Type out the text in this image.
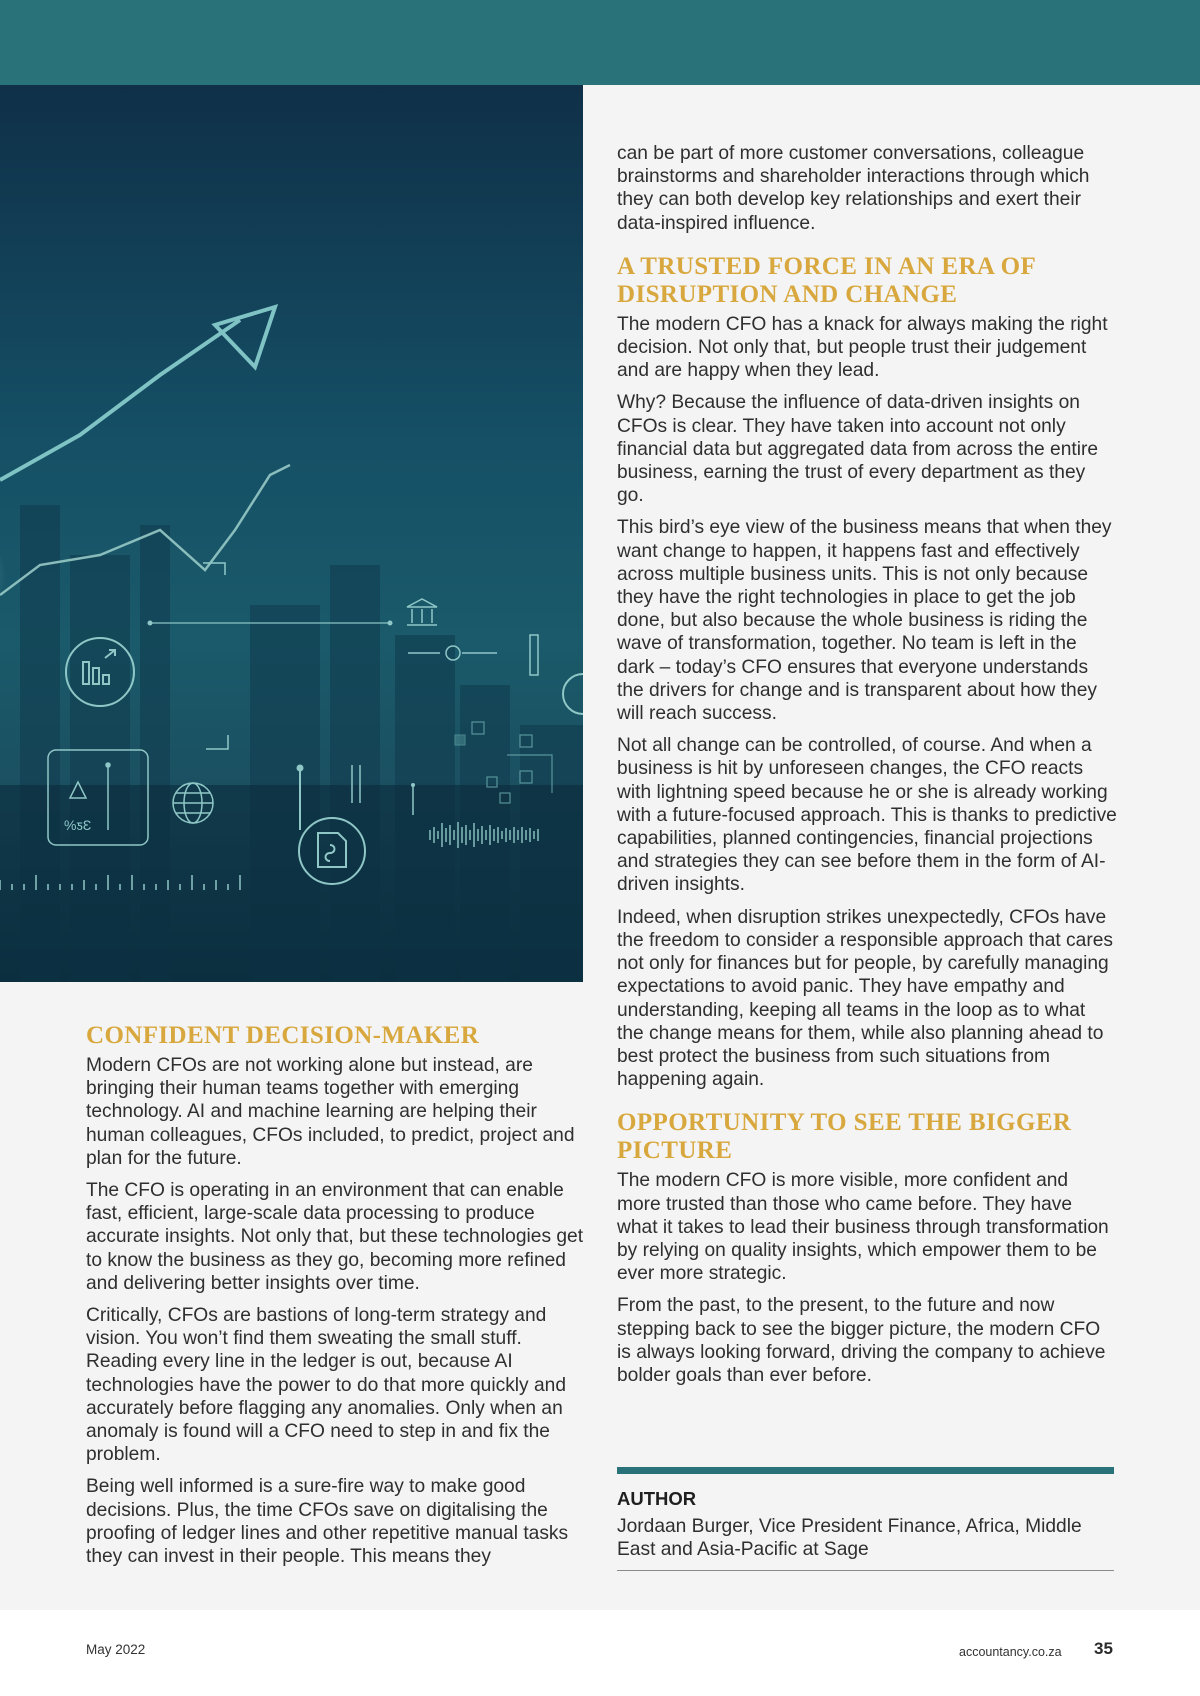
%ƽƐ
CONFIDENT DECISION-MAKER

Modern CFOs are not working alone but instead, are bringing their human teams together with emerging technology. AI and machine learning are helping their human colleagues, CFOs included, to predict, project and plan for the future.

The CFO is operating in an environment that can enable fast, efficient, large-scale data processing to produce accurate insights. Not only that, but these technologies get to know the business as they go, becoming more refined and delivering better insights over time.

Critically, CFOs are bastions of long-term strategy and vision. You won’t find them sweating the small stuff. Reading every line in the ledger is out, because AI technologies have the power to do that more quickly and accurately before flagging any anomalies. Only when an anomaly is found will a CFO need to step in and fix the problem.

Being well informed is a sure-fire way to make good decisions. Plus, the time CFOs save on digitalising the proofing of ledger lines and other repetitive manual tasks they can invest in their people. This means they

can be part of more customer conversations, colleague brainstorms and shareholder interactions through which they can both develop key relationships and exert their data-inspired influence.

A TRUSTED FORCE IN AN ERA OF DISRUPTION AND CHANGE

The modern CFO has a knack for always making the right decision. Not only that, but people trust their judgement and are happy when they lead.

Why? Because the influence of data-driven insights on CFOs is clear. They have taken into account not only financial data but aggregated data from across the entire business, earning the trust of every department as they go.

This bird’s eye view of the business means that when they want change to happen, it happens fast and effectively across multiple business units. This is not only because they have the right technologies in place to get the job done, but also because the whole business is riding the wave of transformation, together. No team is left in the dark – today’s CFO ensures that everyone understands the drivers for change and is transparent about how they will reach success.

Not all change can be controlled, of course. And when a business is hit by unforeseen changes, the CFO reacts with lightning speed because he or she is already working with a future-focused approach. This is thanks to predictive capabilities, planned contingencies, financial projections and strategies they can see before them in the form of AI-driven insights.

Indeed, when disruption strikes unexpectedly, CFOs have the freedom to consider a responsible approach that cares not only for finances but for people, by carefully managing expectations to avoid panic. They have empathy and understanding, keeping all teams in the loop as to what the change means for them, while also planning ahead to best protect the business from such situations from happening again.

OPPORTUNITY TO SEE THE BIGGER PICTURE

The modern CFO is more visible, more confident and more trusted than those who came before. They have what it takes to lead their business through transformation by relying on quality insights, which empower them to be ever more strategic.

From the past, to the present, to the future and now stepping back to see the bigger picture, the modern CFO is always looking forward, driving the company to achieve bolder goals than ever before.

AUTHOR
Jordaan Burger, Vice President Finance, Africa, Middle East and Asia-Pacific at Sage
May 2022	accountancy.co.za 35
